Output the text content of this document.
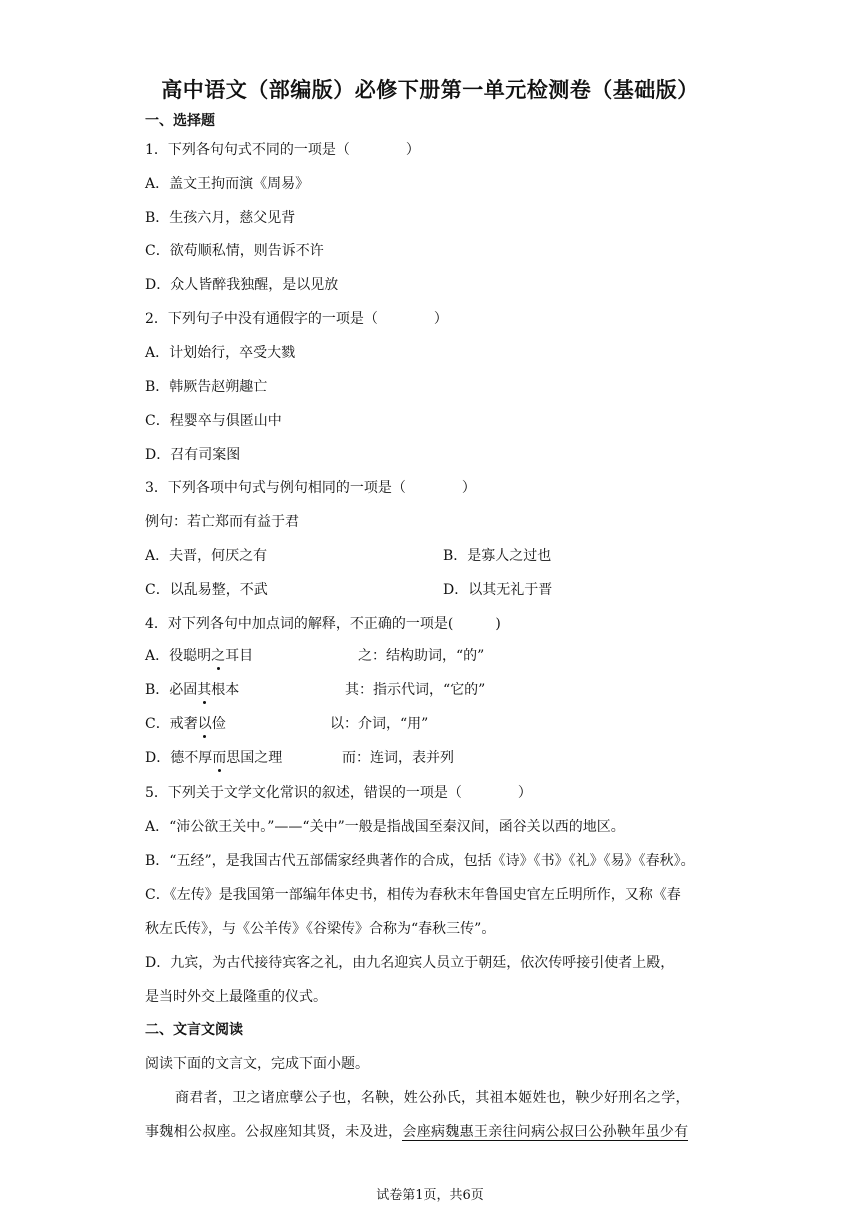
高中语文（部编版）必修下册第一单元检测卷（基础版）
一、选择题
1．下列各句句式不同的一项是（　　　　）
A．盖文王拘而演《周易》
B．生孩六月，慈父见背
C．欲苟顺私情，则告诉不许
D．众人皆醉我独醒，是以见放
2．下列句子中没有通假字的一项是（　　　　）
A．计划始行，卒受大戮
B．韩厥告赵朔趣亡
C．程婴卒与俱匿山中
D．召有司案图
3．下列各项中句式与例句相同的一项是（　　　　）
例句：若亡郑而有益于君
A．夫晋，何厌之有	B．是寡人之过也
C．以乱易整，不武	D．以其无礼于晋
4．对下列各句中加点词的解释，不正确的一项是(　　　)
A．役聪明之耳目	之：结构助词，“的”
B．必固其根本	其：指示代词，“它的”
C．戒奢以俭	以：介词，“用”
D．德不厚而思国之理	而：连词，表并列
5．下列关于文学文化常识的叙述，错误的一项是（　　　　）
A．“沛公欲王关中。”——“关中”一般是指战国至秦汉间，函谷关以西的地区。
B．“五经”，是我国古代五部儒家经典著作的合成，包括《诗》《书》《礼》《易》《春秋》。
C．《左传》是我国第一部编年体史书，相传为春秋末年鲁国史官左丘明所作，又称《春
秋左氏传》，与《公羊传》《谷梁传》合称为“春秋三传”。
D．九宾，为古代接待宾客之礼，由九名迎宾人员立于朝廷，依次传呼接引使者上殿，
是当时外交上最隆重的仪式。
二、文言文阅读
阅读下面的文言文，完成下面小题。
商君者，卫之诸庶孽公子也，名鞅，姓公孙氏，其祖本姬姓也，鞅少好刑名之学，
事魏相公叔座。公叔座知其贤，未及进，会座病魏惠王亲往问病公叔曰公孙鞅年虽少有
试卷第1页，共6页
